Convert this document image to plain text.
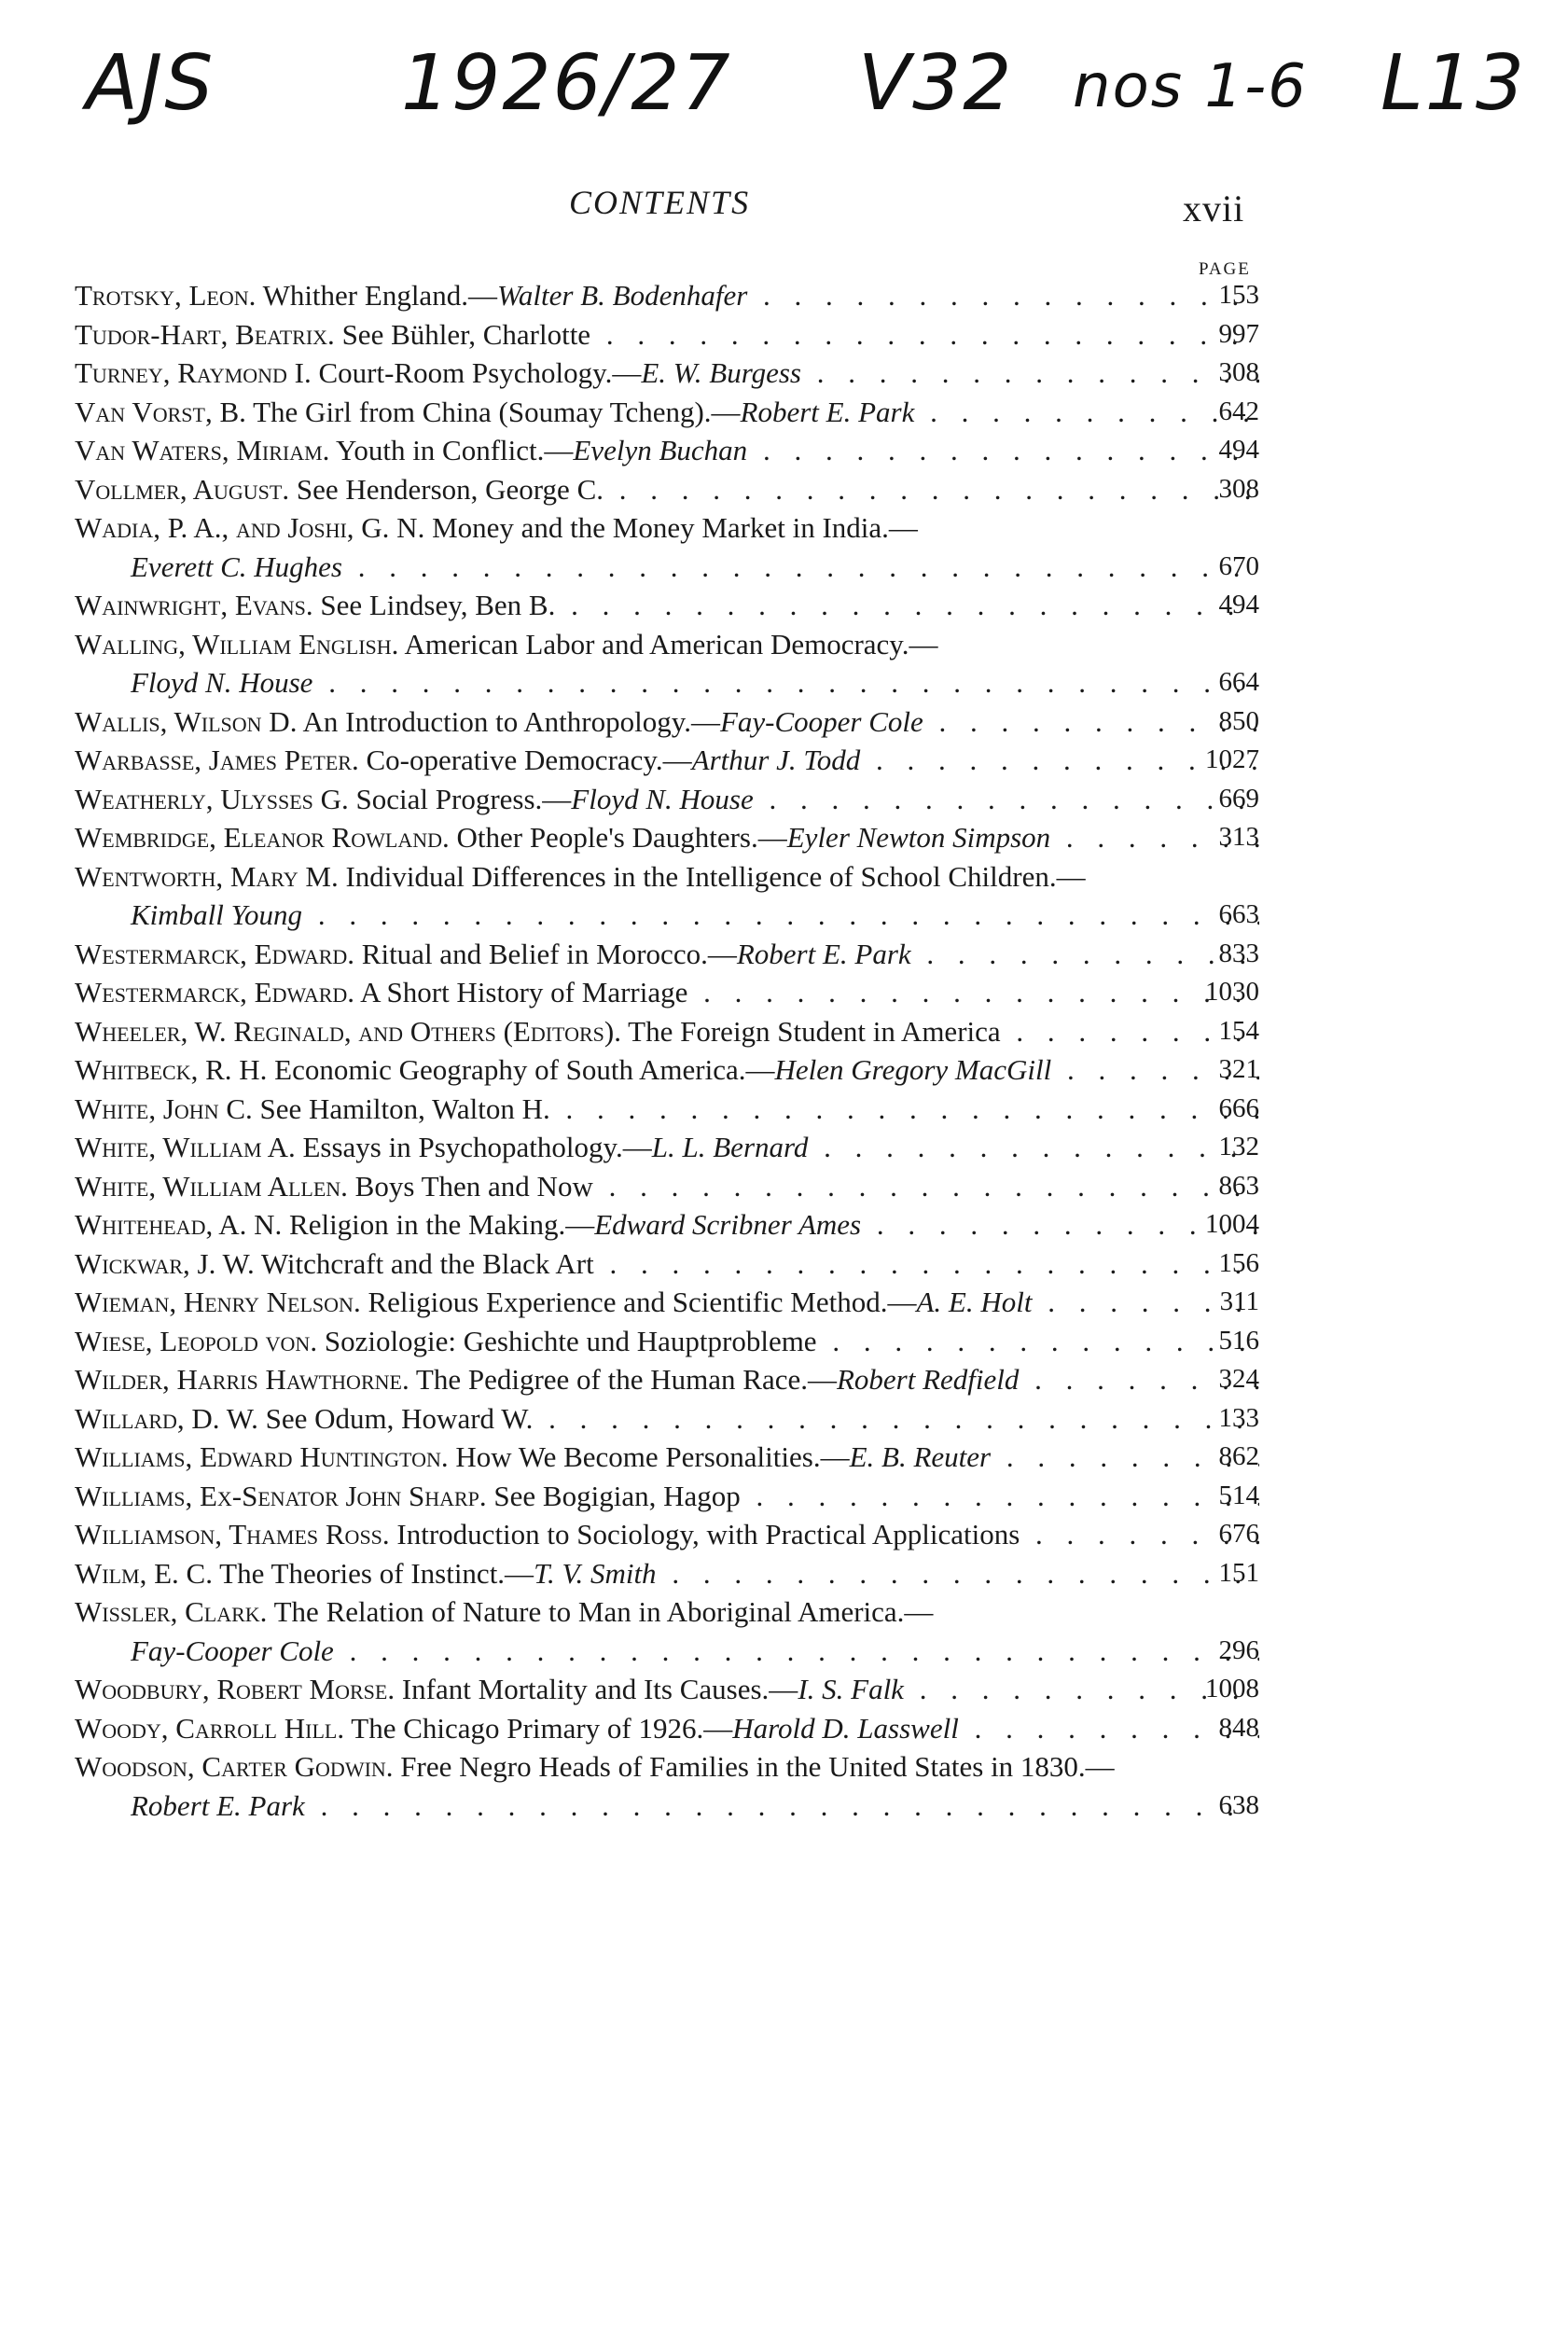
AJS 1926/27 V32 nos 1-6 L13
CONTENTS	xvii
PAGE
Trotsky, Leon. Whither England.—Walter B. Bodenhafer . . .	153
Tudor-Hart, Beatrix. See Bühler, Charlotte . . .	997
Turney, Raymond I. Court-Room Psychology.—E. W. Burgess . . .	308
Van Vorst, B. The Girl from China (Soumay Tcheng).—Robert E. Park . . .	642
Van Waters, Miriam. Youth in Conflict.—Evelyn Buchan . . .	494
Vollmer, August. See Henderson, George C. . . .	308
Wadia, P. A., and Joshi, G. N. Money and the Money Market in India.—
Everett C. Hughes . . .	670
Wainwright, Evans. See Lindsey, Ben B. . . .	494
Walling, William English. American Labor and American Democracy.—
Floyd N. House . . .	664
Wallis, Wilson D. An Introduction to Anthropology.—Fay-Cooper Cole . . .	850
Warbasse, James Peter. Co-operative Democracy.—Arthur J. Todd . . .	1027
Weatherly, Ulysses G. Social Progress.—Floyd N. House . . .	669
Wembridge, Eleanor Rowland. Other People's Daughters.—Eyler Newton Simpson . . .	313
Wentworth, Mary M. Individual Differences in the Intelligence of School Children.—
Kimball Young . . .	663
Westermarck, Edward. Ritual and Belief in Morocco.—Robert E. Park . . .	833
Westermarck, Edward. A Short History of Marriage . . .	1030
Wheeler, W. Reginald, and Others (Editors). The Foreign Student in America . . .	154
Whitbeck, R. H. Economic Geography of South America.—Helen Gregory MacGill . . .	321
White, John C. See Hamilton, Walton H. . . .	666
White, William A. Essays in Psychopathology.—L. L. Bernard . . .	132
White, William Allen. Boys Then and Now . . .	863
Whitehead, A. N. Religion in the Making.—Edward Scribner Ames . . .	1004
Wickwar, J. W. Witchcraft and the Black Art . . .	156
Wieman, Henry Nelson. Religious Experience and Scientific Method.—A. E. Holt . . .	311
Wiese, Leopold von. Soziologie: Geshichte und Hauptprobleme . . .	516
Wilder, Harris Hawthorne. The Pedigree of the Human Race.—Robert Redfield . . .	324
Willard, D. W. See Odum, Howard W. . . .	133
Williams, Edward Huntington. How We Become Personalities.—E. B. Reuter . . .	862
Williams, Ex-Senator John Sharp. See Bogigian, Hagop . . .	514
Williamson, Thames Ross. Introduction to Sociology, with Practical Applications . . .	676
Wilm, E. C. The Theories of Instinct.—T. V. Smith . . .	151
Wissler, Clark. The Relation of Nature to Man in Aboriginal America.—
Fay-Cooper Cole . . .	296
Woodbury, Robert Morse. Infant Mortality and Its Causes.—I. S. Falk . . .	1008
Woody, Carroll Hill. The Chicago Primary of 1926.—Harold D. Lasswell . . .	848
Woodson, Carter Godwin. Free Negro Heads of Families in the United States in 1830.—
Robert E. Park . . .	638
